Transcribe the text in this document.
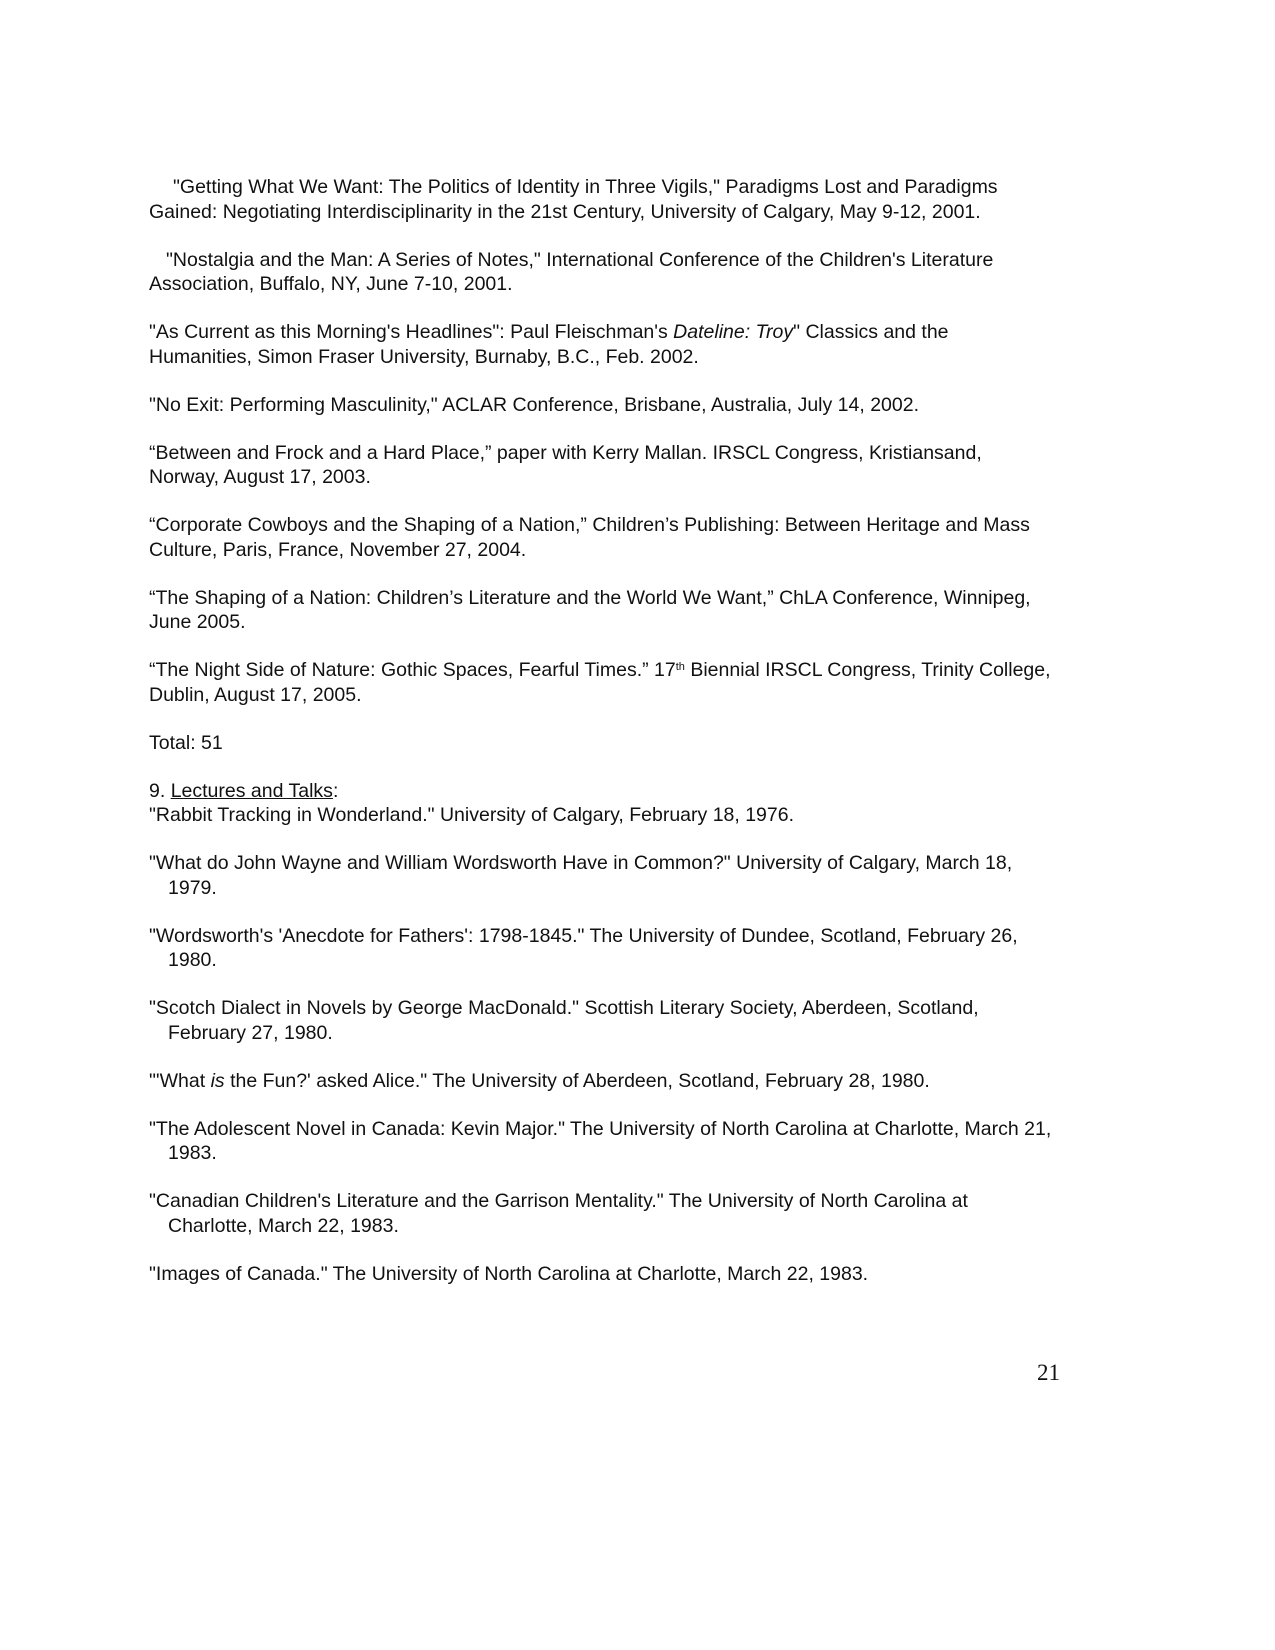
"Getting What We Want: The Politics of Identity in Three Vigils," Paradigms Lost and Paradigms Gained: Negotiating Interdisciplinarity in the 21st Century, University of Calgary, May 9-12, 2001.

"Nostalgia and the Man: A Series of Notes," International Conference of the Children's Literature Association, Buffalo, NY, June 7-10, 2001.

"As Current as this Morning's Headlines": Paul Fleischman's Dateline: Troy" Classics and the Humanities, Simon Fraser University, Burnaby, B.C., Feb. 2002.

"No Exit: Performing Masculinity," ACLAR Conference, Brisbane, Australia, July 14, 2002.

“Between and Frock and a Hard Place,” paper with Kerry Mallan. IRSCL Congress, Kristiansand, Norway, August 17, 2003.

“Corporate Cowboys and the Shaping of a Nation,” Children’s Publishing: Between Heritage and Mass Culture, Paris, France, November 27, 2004.

“The Shaping of a Nation: Children’s Literature and the World We Want,” ChLA Conference, Winnipeg, June 2005.

“The Night Side of Nature: Gothic Spaces, Fearful Times.” 17th Biennial IRSCL Congress, Trinity College, Dublin, August 17, 2005.

Total: 51

9. Lectures and Talks:

"Rabbit Tracking in Wonderland." University of Calgary, February 18, 1976.

"What do John Wayne and William Wordsworth Have in Common?" University of Calgary, March 18, 1979.

"Wordsworth's 'Anecdote for Fathers': 1798-1845." The University of Dundee, Scotland, February 26, 1980.

"Scotch Dialect in Novels by George MacDonald." Scottish Literary Society, Aberdeen, Scotland, February 27, 1980.

"'What is the Fun?' asked Alice." The University of Aberdeen, Scotland, February 28, 1980.

"The Adolescent Novel in Canada: Kevin Major." The University of North Carolina at Charlotte, March 21, 1983.

"Canadian Children's Literature and the Garrison Mentality." The University of North Carolina at Charlotte, March 22, 1983.

"Images of Canada." The University of North Carolina at Charlotte, March 22, 1983.

21
